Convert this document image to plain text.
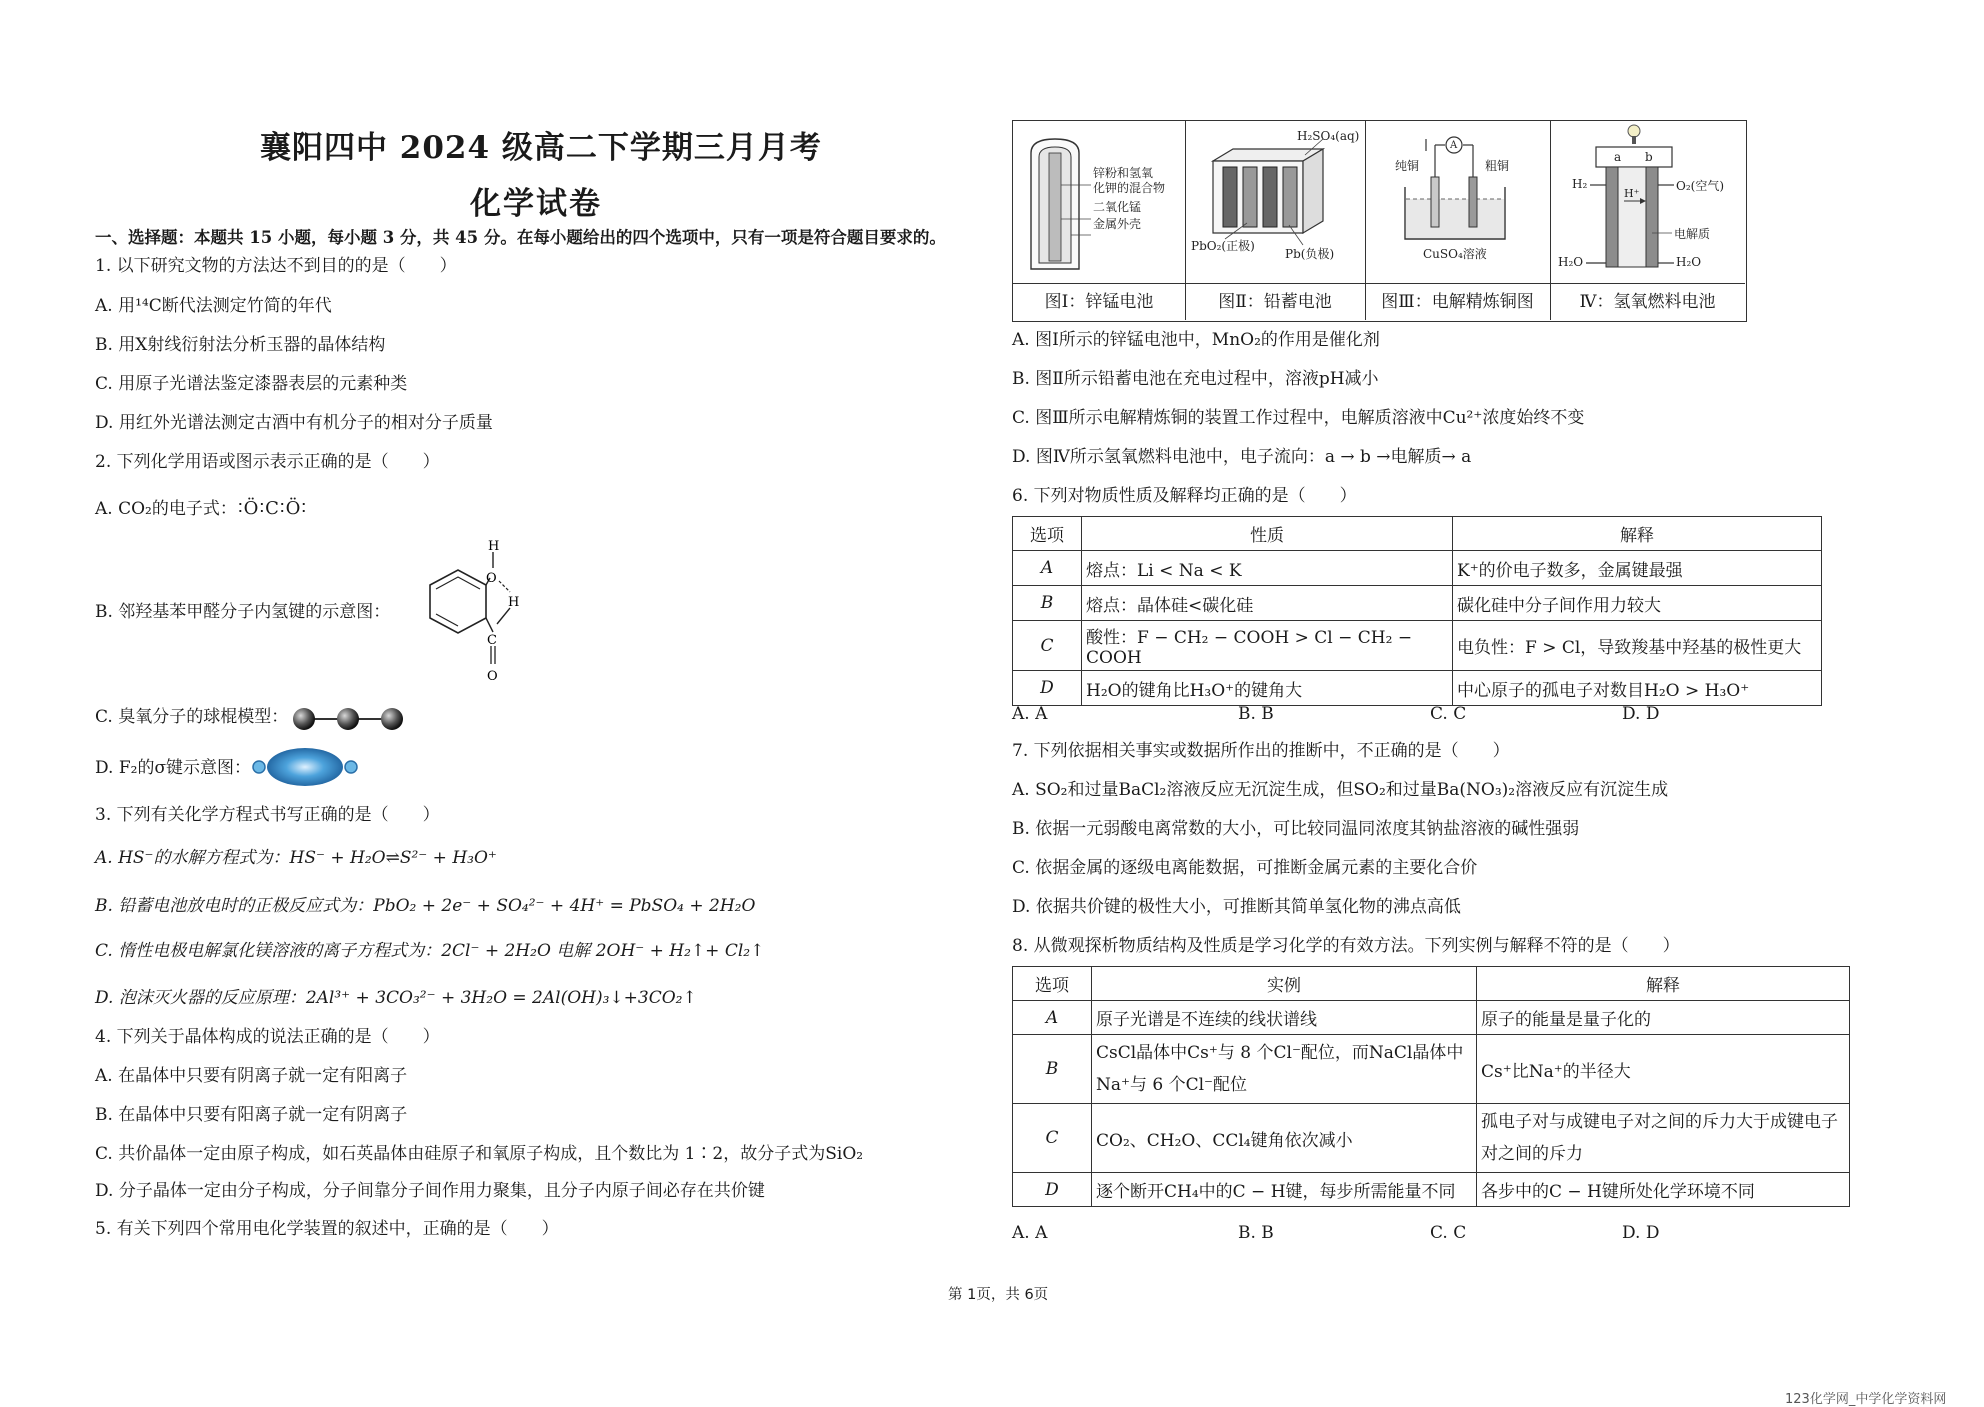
襄阳四中 2024 级高二下学期三月月考
化学试卷
一、选择题：本题共 15 小题，每小题 3 分，共 45 分。在每小题给出的四个选项中，只有一项是符合题目要求的。
1. 以下研究文物的方法达不到目的的是（　　）
A. 用¹⁴C断代法测定竹简的年代
B. 用X射线衍射法分析玉器的晶体结构
C. 用原子光谱法鉴定漆器表层的元素种类
D. 用红外光谱法测定古酒中有机分子的相对分子质量
2. 下列化学用语或图示表示正确的是（　　）
A. CO₂的电子式： ∶Ö∶C∶Ö∶
B. 邻羟基苯甲醛分子内氢键的示意图：
H
O
H
C
O
C. 臭氧分子的球棍模型：
D. F₂的σ键示意图：
3. 下列有关化学方程式书写正确的是（　　）
A. HS⁻的水解方程式为：HS⁻ + H₂O⇌S²⁻ + H₃O⁺
B. 铅蓄电池放电时的正极反应式为：PbO₂ + 2e⁻ + SO₄²⁻ + 4H⁺ = PbSO₄ + 2H₂O
C. 惰性电极电解氯化镁溶液的离子方程式为：2Cl⁻ + 2H₂O 电解 2OH⁻ + H₂↑+ Cl₂↑
D. 泡沫灭火器的反应原理：2Al³⁺ + 3CO₃²⁻ + 3H₂O = 2Al(OH)₃↓+3CO₂↑
4. 下列关于晶体构成的说法正确的是（　　）
A. 在晶体中只要有阴离子就一定有阳离子
B. 在晶体中只要有阳离子就一定有阴离子
C. 共价晶体一定由原子构成，如石英晶体由硅原子和氧原子构成，且个数比为 1∶2，故分子式为SiO₂
D. 分子晶体一定由分子构成，分子间靠分子间作用力聚集，且分子内原子间必存在共价键
5. 有关下列四个常用电化学装置的叙述中，正确的是（　　）
锌粉和氢氧
化钾的混合物
二氧化锰
金属外壳
H₂SO₄(aq)
PbO₂(正极)
Pb(负极)
A
纯铜	粗铜
CuSO₄溶液
a b
H₂	O₂(空气)
H⁺
电解质
H₂O	H₂O
图Ⅰ：锌锰电池	图Ⅱ：铅蓄电池	图Ⅲ：电解精炼铜图	Ⅳ：氢氧燃料电池
A. 图Ⅰ所示的锌锰电池中，MnO₂的作用是催化剂
B. 图Ⅱ所示铅蓄电池在充电过程中，溶液pH减小
C. 图Ⅲ所示电解精炼铜的装置工作过程中，电解质溶液中Cu²⁺浓度始终不变
D. 图Ⅳ所示氢氧燃料电池中，电子流向：a → b →电解质→ a
6. 下列对物质性质及解释均正确的是（　　）
选项	性质	解释
A	熔点：Li < Na < K	K⁺的价电子数多，金属键最强
B	熔点：晶体硅<碳化硅	碳化硅中分子间作用力较大
C	酸性：F − CH₂ − COOH > Cl − CH₂ − COOH	电负性：F > Cl，导致羧基中羟基的极性更大
D	H₂O的键角比H₃O⁺的键角大	中心原子的孤电子对数目H₂O > H₃O⁺
A. A	B. B	C. C	D. D
7. 下列依据相关事实或数据所作出的推断中，不正确的是（　　）
A. SO₂和过量BaCl₂溶液反应无沉淀生成，但SO₂和过量Ba(NO₃)₂溶液反应有沉淀生成
B. 依据一元弱酸电离常数的大小，可比较同温同浓度其钠盐溶液的碱性强弱
C. 依据金属的逐级电离能数据，可推断金属元素的主要化合价
D. 依据共价键的极性大小，可推断其简单氢化物的沸点高低
8. 从微观探析物质结构及性质是学习化学的有效方法。下列实例与解释不符的是（　　）
选项	实例	解释
A	原子光谱是不连续的线状谱线	原子的能量是量子化的
B	CsCl晶体中Cs⁺与 8 个Cl⁻配位，而NaCl晶体中Na⁺与 6 个Cl⁻配位	Cs⁺比Na⁺的半径大
C	CO₂、CH₂O、CCl₄键角依次减小	孤电子对与成键电子对之间的斥力大于成键电子对之间的斥力
D	逐个断开CH₄中的C − H键，每步所需能量不同	各步中的C − H键所处化学环境不同
A. A	B. B	C. C	D. D
第 1页，共 6页
123化学网_中学化学资料网
